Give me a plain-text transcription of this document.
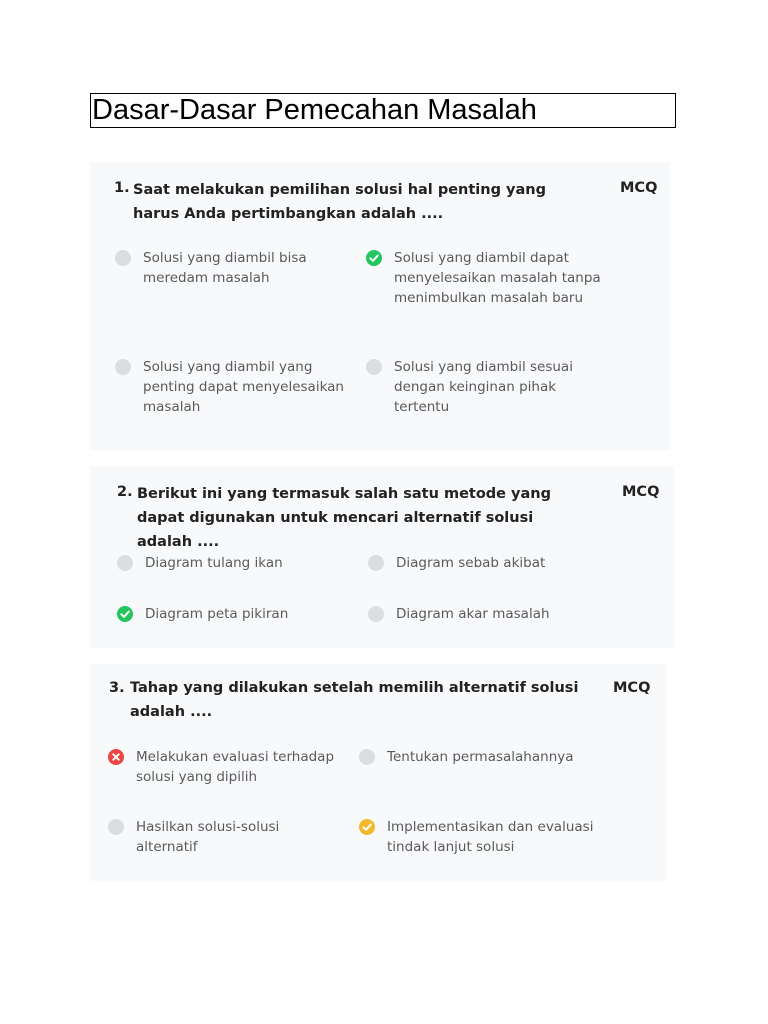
Dasar-Dasar Pemecahan Masalah
1. Saat melakukan pemilihan solusi hal penting yang harus Anda pertimbangkan adalah ....
MCQ
Solusi yang diambil bisa meredam masalah
Solusi yang diambil dapat menyelesaikan masalah tanpa menimbulkan masalah baru
Solusi yang diambil yang penting dapat menyelesaikan masalah
Solusi yang diambil sesuai dengan keinginan pihak tertentu
2. Berikut ini yang termasuk salah satu metode yang dapat digunakan untuk mencari alternatif solusi adalah ....
MCQ
Diagram tulang ikan	Diagram sebab akibat
Diagram peta pikiran	Diagram akar masalah
3. Tahap yang dilakukan setelah memilih alternatif solusi adalah ....
MCQ
Melakukan evaluasi terhadap solusi yang dipilih
Tentukan permasalahannya
Hasilkan solusi-solusi alternatif
Implementasikan dan evaluasi tindak lanjut solusi
